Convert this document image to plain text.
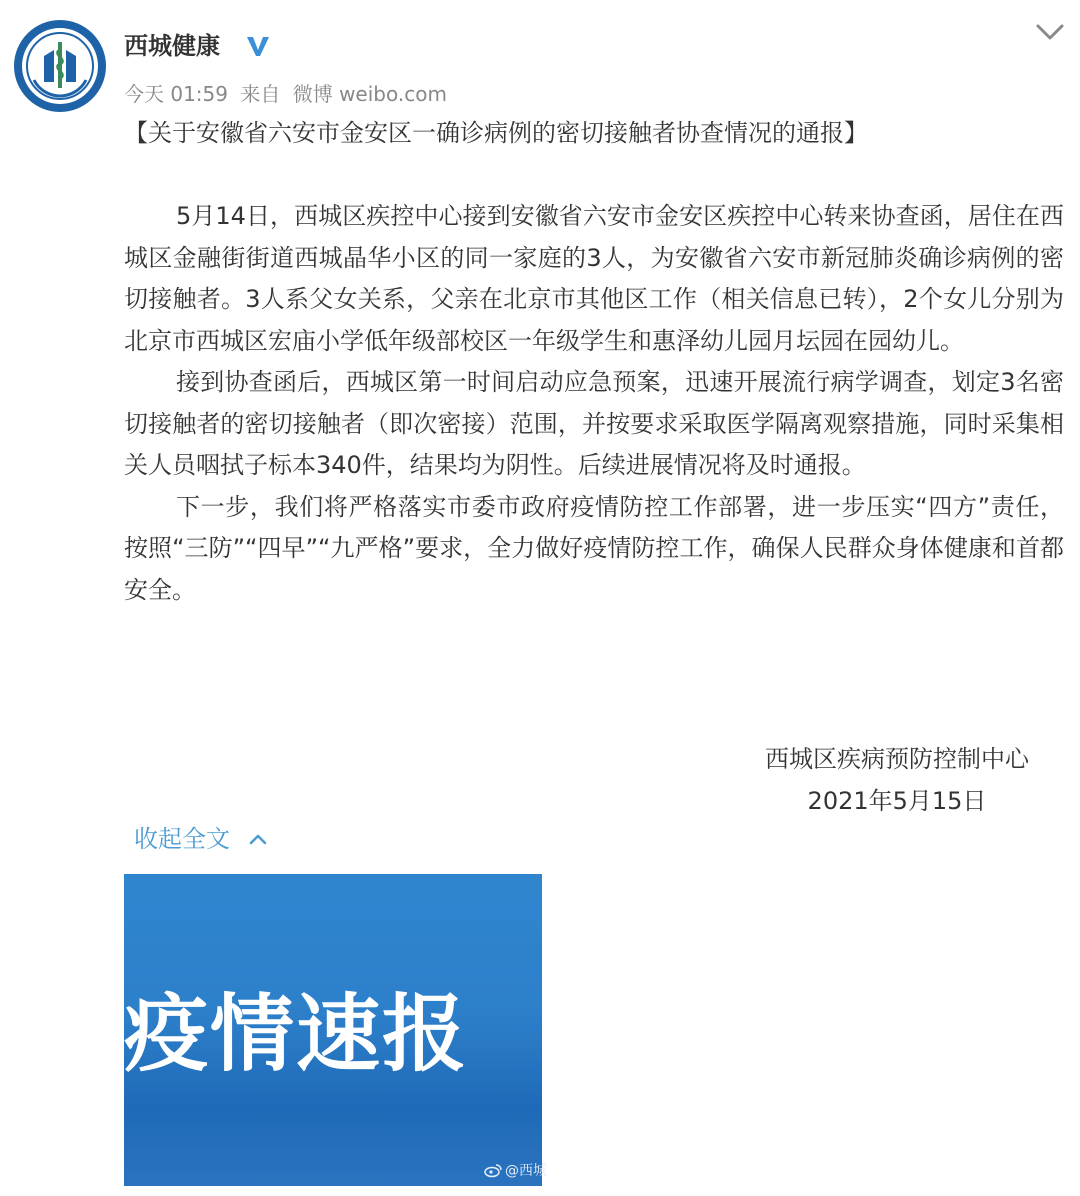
西城健康
今天 01:59 来自 微博 weibo.com
【关于安徽省六安市金安区一确诊病例的密切接触者协查情况的通报】

5月14日，西城区疾控中心接到安徽省六安市金安区疾控中心转来协查函，居住在西城区金融街街道西城晶华小区的同一家庭的3人，为安徽省六安市新冠肺炎确诊病例的密切接触者。3人系父女关系，父亲在北京市其他区工作（相关信息已转），2个女儿分别为北京市西城区宏庙小学低年级部校区一年级学生和惠泽幼儿园月坛园在园幼儿。

接到协查函后，西城区第一时间启动应急预案，迅速开展流行病学调查，划定3名密切接触者的密切接触者（即次密接）范围，并按要求采取医学隔离观察措施，同时采集相关人员咽拭子标本340件，结果均为阴性。后续进展情况将及时通报。

下一步，我们将严格落实市委市政府疫情防控工作部署，进一步压实“四方”责任，按照“三防”“四早”“九严格”要求，全力做好疫情防控工作，确保人民群众身体健康和首都安全。

西城区疾病预防控制中心
2021年5月15日
收起全文
疫情速报
@西城
